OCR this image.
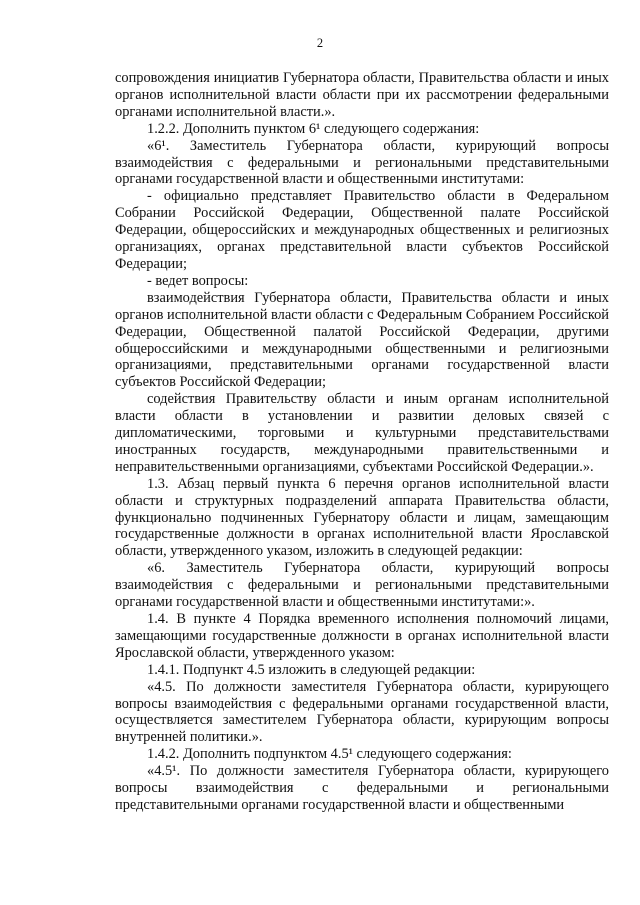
2

сопровождения инициатив Губернатора области, Правительства области и иных органов исполнительной власти области при их рассмотрении федеральными органами исполнительной власти.».

1.2.2. Дополнить пунктом 6¹ следующего содержания:

«6¹. Заместитель Губернатора области, курирующий вопросы взаимодействия с федеральными и региональными представительными органами государственной власти и общественными институтами:

- официально представляет Правительство области в Федеральном Собрании Российской Федерации, Общественной палате Российской Федерации, общероссийских и международных общественных и религиозных организациях, органах представительной власти субъектов Российской Федерации;

- ведет вопросы:

взаимодействия Губернатора области, Правительства области и иных органов исполнительной власти области с Федеральным Собранием Российской Федерации, Общественной палатой Российской Федерации, другими общероссийскими и международными общественными и религиозными организациями, представительными органами государственной власти субъектов Российской Федерации;

содействия Правительству области и иным органам исполнительной власти области в установлении и развитии деловых связей с дипломатическими, торговыми и культурными представительствами иностранных государств, международными правительственными и неправительственными организациями, субъектами Российской Федерации.».

1.3. Абзац первый пункта 6 перечня органов исполнительной власти области и структурных подразделений аппарата Правительства области, функционально подчиненных Губернатору области и лицам, замещающим государственные должности в органах исполнительной власти Ярославской области, утвержденного указом, изложить в следующей редакции:

«6. Заместитель Губернатора области, курирующий вопросы взаимодействия с федеральными и региональными представительными органами государственной власти и общественными институтами:».

1.4. В пункте 4 Порядка временного исполнения полномочий лицами, замещающими государственные должности в органах исполнительной власти Ярославской области, утвержденного указом:

1.4.1. Подпункт 4.5 изложить в следующей редакции:

«4.5. По должности заместителя Губернатора области, курирующего вопросы взаимодействия с федеральными органами государственной власти, осуществляется заместителем Губернатора области, курирующим вопросы внутренней политики.».

1.4.2. Дополнить подпунктом 4.5¹ следующего содержания:

«4.5¹. По должности заместителя Губернатора области, курирующего вопросы взаимодействия с федеральными и региональными представительными органами государственной власти и общественными
